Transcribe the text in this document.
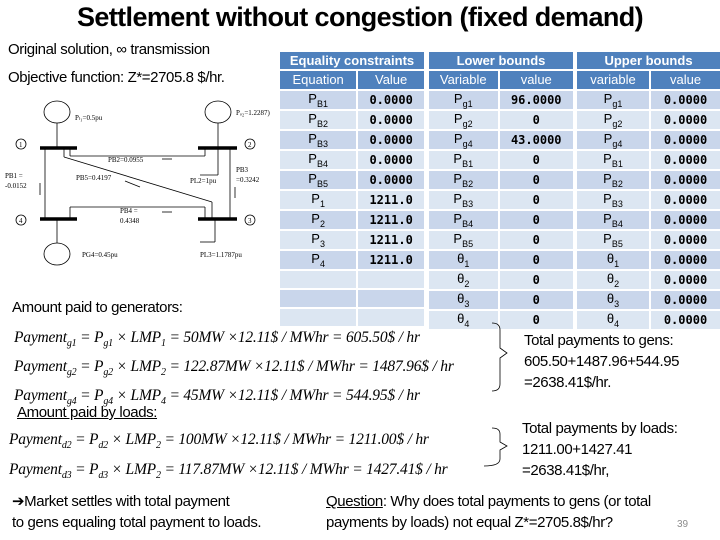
Settlement without congestion (fixed demand)
Original solution, ∞ transmission
Objective function: Z*=2705.8 $/hr.
1	2
3
4
Pₗ₁=0.5pu
Pₒ₂=1.2287)
PB2=0.0955
PB1 =
-0.0152
PB5=0.4197	PL2=1pu
PB3
=0.3242
PB4 =
0.4348
PG4=0.45pu	PL3=1.1787pu
Equality constraints	
Equation	Value
$P_{B1}$	0.0000
$P_{B2}$	0.0000
$P_{B3}$	0.0000
$P_{B4}$	0.0000
$P_{B5}$	0.0000
$P_1$	1211.0
$P_2$	1211.0
$P_3$	1211.0
$P_4$	1211.0

Lower bounds	
Variable	value
$P_{g1}$	96.0000
$P_{g2}$	0
$P_{g4}$	43.0000
$P_{B1}$	0
$P_{B2}$	0
$P_{B3}$	0
$P_{B4}$	0
$P_{B5}$	0
$\theta_1$	0
$\theta_2$	0
$\theta_3$	0
$\theta_4$	0
Upper bounds	
variable	value
$P_{g1}$	0.0000
$P_{g2}$	0.0000
$P_{g4}$	0.0000
$P_{B1}$	0.0000
$P_{B2}$	0.0000
$P_{B3}$	0.0000
$P_{B4}$	0.0000
$P_{B5}$	0.0000
$\theta_1$	0.0000
$\theta_2$	0.0000
$\theta_3$	0.0000
$\theta_4$	0.0000
Amount paid to generators:
Payment$_{g1}$ = $P_{g1} \times LMP_1 = 50MW$ ×12.11$ / MWhr = 605.50$ / hr
Payment$_{g2}$ = $P_{g2} \times LMP_2 = 122.87MW$ ×12.11$ / MWhr = 1487.96$ / hr
Payment$_{g4}$ = $P_{g4} \times LMP_4 = 45MW$ ×12.11$ / MWhr = 544.95$ / hr
Amount paid by loads:
Payment$_{d2}$ = $P_{d2} \times LMP_2 = 100MW$ ×12.11$ / MWhr = 1211.00$ / hr
Payment$_{d3}$ = $P_{d3} \times LMP_2 = 117.87MW$ ×12.11$ / MWhr = 1427.41$ / hr
Total payments to gens:
605.50+1487.96+544.95
=2638.41$/hr.
Total payments by loads:
1211.00+1427.41
=2638.41$/hr,
➔Market settles with total payment
to gens equaling total payment to loads.
Question: Why does total payments to gens (or total
payments by loads) not equal Z*=2705.8$/hr?	39
